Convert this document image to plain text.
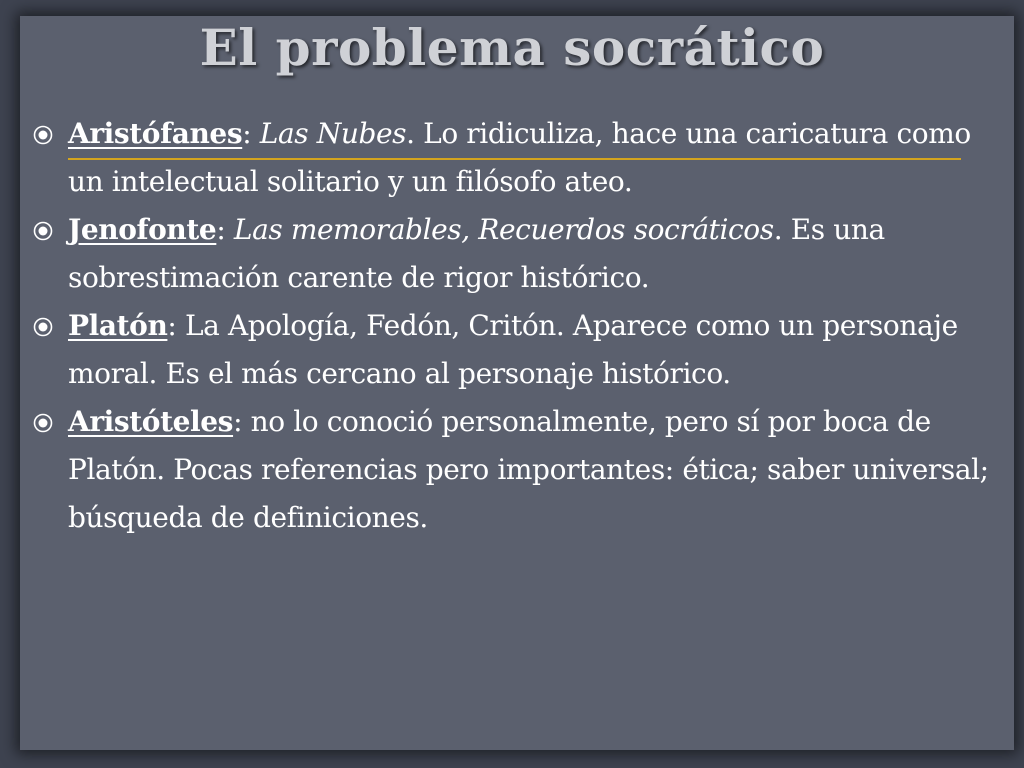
El problema socrático
Aristófanes: Las Nubes. Lo ridiculiza, hace una caricatura como un intelectual solitario y un filósofo ateo.
Jenofonte: Las memorables, Recuerdos socráticos. Es una sobrestimación carente de rigor histórico.
Platón: La Apología, Fedón, Critón. Aparece como un personaje moral. Es el más cercano al personaje histórico.
Aristóteles: no lo conoció personalmente, pero sí por boca de Platón. Pocas referencias pero importantes: ética; saber universal; búsqueda de definiciones.
